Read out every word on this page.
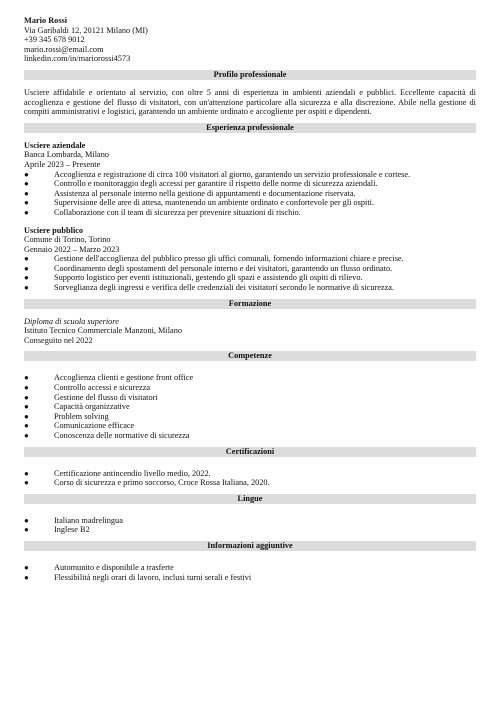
Mario Rossi
Via Garibaldi 12, 20121 Milano (MI)
+39 345 678 9012
mario.rossi@email.com
linkedin.com/in/mariorossi4573
Profilo professionale
Usciere affidabile e orientato al servizio, con oltre 5 anni di esperienza in ambienti aziendali e pubblici. Eccellente capacità di accoglienza e gestione del flusso di visitatori, con un'attenzione particolare alla sicurezza e alla discrezione. Abile nella gestione di compiti amministrativi e logistici, garantendo un ambiente ordinato e accogliente per ospiti e dipendenti.
Esperienza professionale
Usciere aziendale
Banca Lombarda, Milano
Aprile 2023 – Presente
●	Accoglienza e registrazione di circa 100 visitatori al giorno, garantendo un servizio professionale e cortese.
●	Controllo e monitoraggio degli accessi per garantire il rispetto delle norme di sicurezza aziendali.
●	Assistenza al personale interno nella gestione di appuntamenti e documentazione riservata.
●	Supervisione delle aree di attesa, mantenendo un ambiente ordinato e confortevole per gli ospiti.
●	Collaborazione con il team di sicurezza per prevenire situazioni di rischio.
Usciere pubblico
Comune di Torino, Torino
Gennaio 2022 – Marzo 2023
●	Gestione dell'accoglienza del pubblico presso gli uffici comunali, fornendo informazioni chiare e precise.
●	Coordinamento degli spostamenti del personale interno e dei visitatori, garantendo un flusso ordinato.
●	Supporto logistico per eventi istituzionali, gestendo gli spazi e assistendo gli ospiti di rilievo.
●	Sorveglianza degli ingressi e verifica delle credenziali dei visitatori secondo le normative di sicurezza.
Formazione
Diploma di scuola superiore
Istituto Tecnico Commerciale Manzoni, Milano
Conseguito nel 2022
Competenze
●	Accoglienza clienti e gestione front office
●	Controllo accessi e sicurezza
●	Gestione del flusso di visitatori
●	Capacità organizzative
●	Problem solving
●	Comunicazione efficace
●	Conoscenza delle normative di sicurezza
Certificazioni
●	Certificazione antincendio livello medio, 2022.
●	Corso di sicurezza e primo soccorso, Croce Rossa Italiana, 2020.
Lingue
●	Italiano madrelingua
●	Inglese B2
Informazioni aggiuntive
●	Automunito e disponibile a trasferte
●	Flessibilità negli orari di lavoro, inclusi turni serali e festivi
